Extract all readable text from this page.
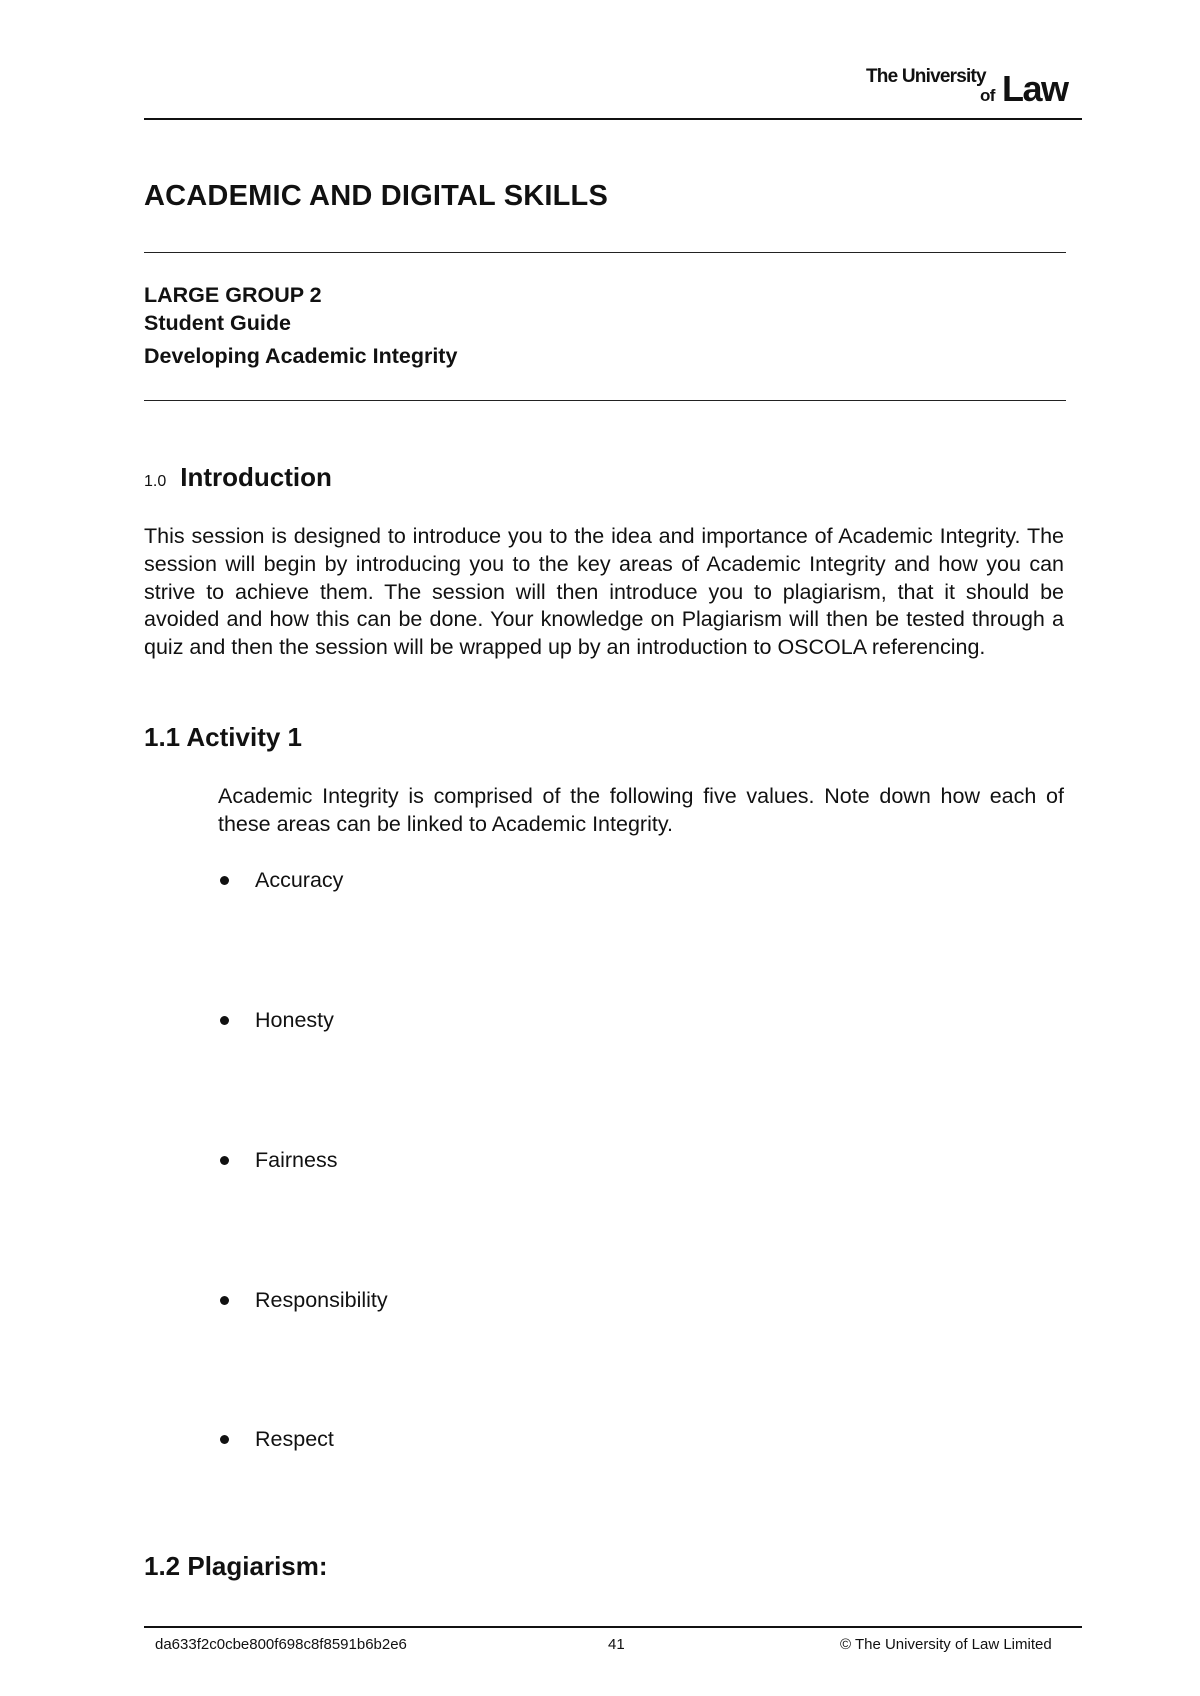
The University
of Law
ACADEMIC AND DIGITAL SKILLS
LARGE GROUP 2
Student Guide
Developing Academic Integrity
1.0 Introduction

This session is designed to introduce you to the idea and importance of Academic Integrity. The session will begin by introducing you to the key areas of Academic Integrity and how you can strive to achieve them. The session will then introduce you to plagiarism, that it should be avoided and how this can be done. Your knowledge on Plagiarism will then be tested through a quiz and then the session will be wrapped up by an introduction to OSCOLA referencing.

1.1 Activity 1

Academic Integrity is comprised of the following five values. Note down how each of these areas can be linked to Academic Integrity.

Accuracy
Honesty
Fairness
Responsibility
Respect
1.2 Plagiarism:
da633f2c0cbe800f698c8f8591b6b2e6	41	© The University of Law Limited
